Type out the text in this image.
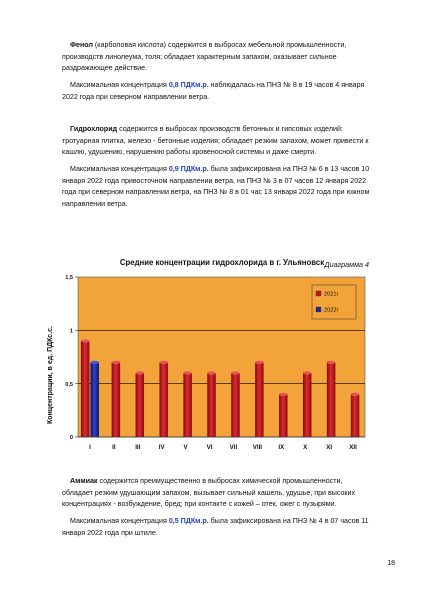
Фенол (карболовая кислота) содержится в выбросах мебельной промышленности, производств линолеума, толя; обладает характерным запахом, оказывает сильное раздражающее действие.

Максимальная концентрация 0,8 ПДКм.р. наблюдалась на ПНЗ № 8 в 19 часов 4 января 2022 года при северном направлении ветра.

Гидрохлорид содержится в выбросах производств бетонных и гипсовых изделий: тротуарная плитка, железо - бетонные изделия; обладает резким запахом, может привести к кашлю, удушению, нарушению работы кровеносной системы и даже смерти.

Максимальная концентрация 0,9 ПДКм.р. была зафиксирована на ПНЗ № 6 в 13 часов 10 января 2022 года привосточном направлении ветра, на ПНЗ № 3 в 07 часов 12 января 2022 года при северном направлении ветра, на ПНЗ № 8 в 01 час 13 января 2022 года при южном направлении ветра.

Диаграмма 4
Средние концентрации гидрохлорида в г. Ульяновск
Концентрации, в ед. ПДКс.с.
0
0,5
1
1,5
I	II	III	IV	V	VI	VII VIII	IX	X	XI	XII
2021г
2022г

Аммиак содержится преимущественно в выбросах химической промышленности, обладает резким удушающим запахом, вызывает сильный кашель, удушье, при высоких концентрациях - возбуждение, бред; при контакте с кожей – отек, ожег с пузырями.

Максимальная концентрация 0,5 ПДКм.р. была зафиксирована на ПНЗ № 4 в 07 часов 11 января 2022 года при штиле.

18
